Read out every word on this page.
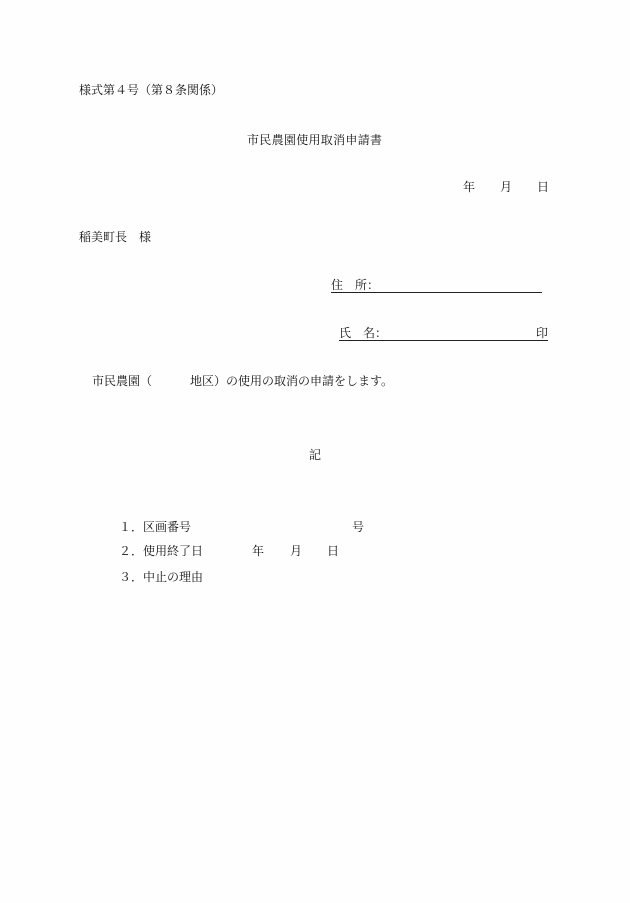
様式第４号（第８条関係）
市民農園使用取消申請書
年 月 日
稲美町長　様
住　所：
氏　名：	印
市民農園（	地区）の使用の取消の申請をします。
記
１．区画番号	号
２．使用終了日	年 月 日
３．中止の理由
